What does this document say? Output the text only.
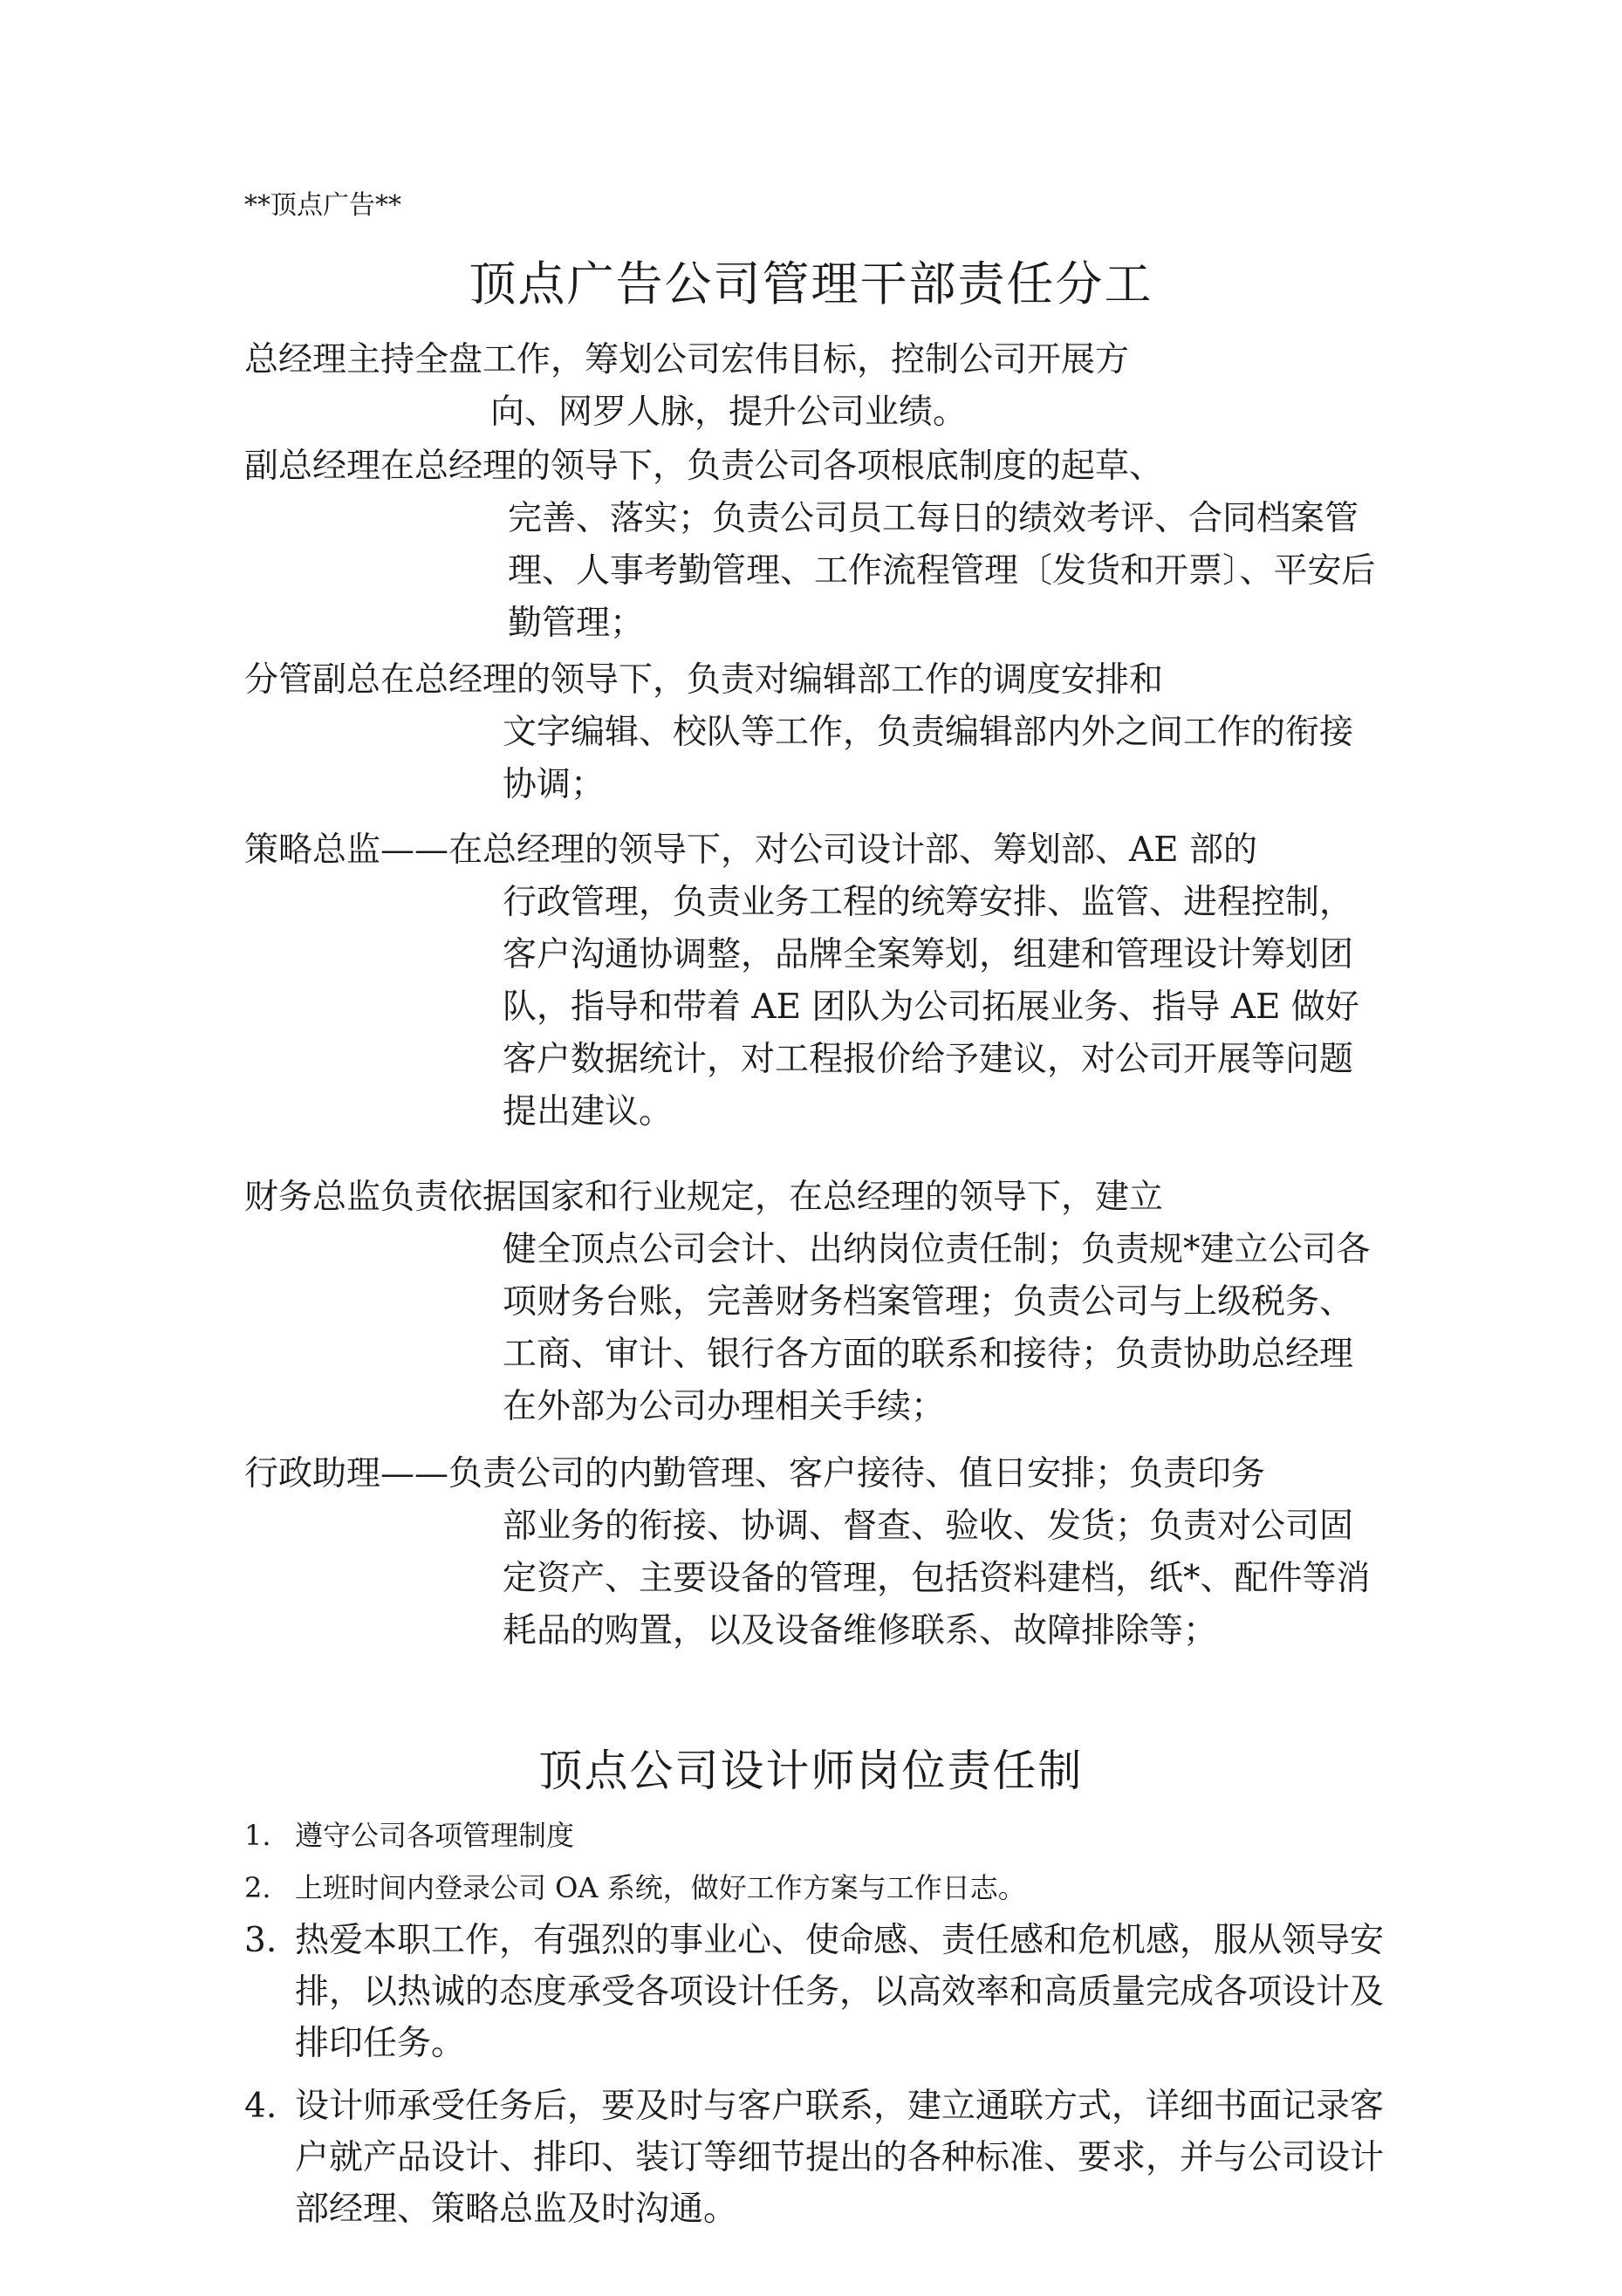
**顶点广告**
顶点广告公司管理干部责任分工
总经理主持全盘工作，筹划公司宏伟目标，控制公司开展方
向、网罗人脉，提升公司业绩。
副总经理在总经理的领导下，负责公司各项根底制度的起草、
完善、落实；负责公司员工每日的绩效考评、合同档案管理、人事考勤管理、工作流程管理〔发货和开票〕、平安后勤管理；
分管副总在总经理的领导下，负责对编辑部工作的调度安排和
文字编辑、校队等工作，负责编辑部内外之间工作的衔接协调；
策略总监——在总经理的领导下，对公司设计部、筹划部、AE 部的
行政管理，负责业务工程的统筹安排、监管、进程控制，客户沟通协调整，品牌全案筹划，组建和管理设计筹划团队，指导和带着 AE 团队为公司拓展业务、指导 AE 做好客户数据统计，对工程报价给予建议，对公司开展等问题提出建议。
财务总监负责依据国家和行业规定，在总经理的领导下，建立
健全顶点公司会计、出纳岗位责任制；负责规*建立公司各项财务台账，完善财务档案管理；负责公司与上级税务、工商、审计、银行各方面的联系和接待；负责协助总经理在外部为公司办理相关手续；
行政助理——负责公司的内勤管理、客户接待、值日安排；负责印务
部业务的衔接、协调、督查、验收、发货；负责对公司固定资产、主要设备的管理，包括资料建档，纸*、配件等消耗品的购置，以及设备维修联系、故障排除等；
顶点公司设计师岗位责任制
1. 遵守公司各项管理制度
2. 上班时间内登录公司 OA 系统，做好工作方案与工作日志。
3. 热爱本职工作，有强烈的事业心、使命感、责任感和危机感，服从领导安排，以热诚的态度承受各项设计任务，以高效率和高质量完成各项设计及排印任务。
4. 设计师承受任务后，要及时与客户联系，建立通联方式，详细书面记录客户就产品设计、排印、装订等细节提出的各种标准、要求，并与公司设计部经理、策略总监及时沟通。
